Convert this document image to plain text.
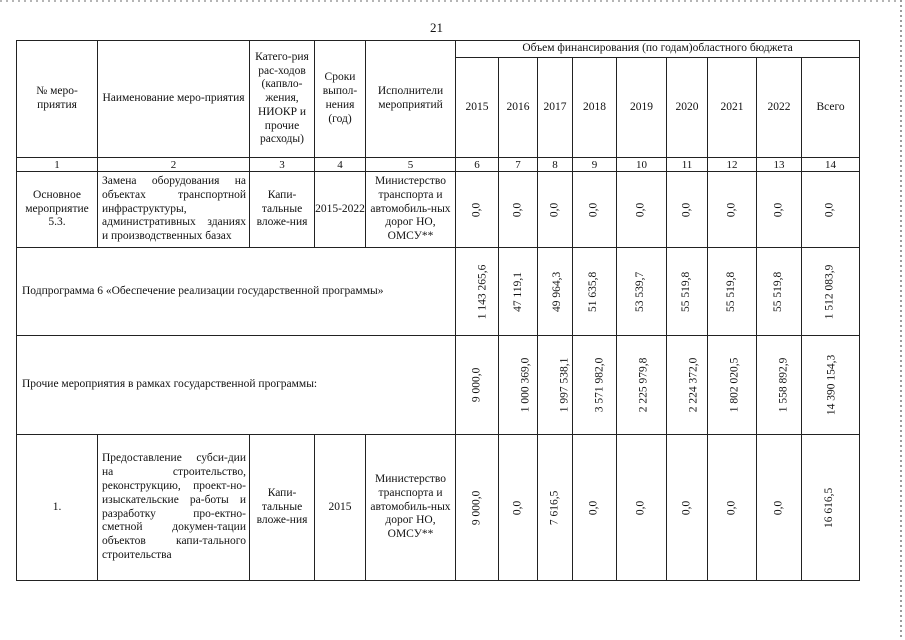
21
№ меро-приятия	Наименование меро-приятия	Катего-рия рас-ходов (капвло-жения, НИОКР и прочие расходы)	Сроки выпол-нения (год)	Исполнители мероприятий	Объем финансирования (по годам)областного бюджета								
					2015	2016	2017	2018	2019	2020	2021	2022	Всего
1	2	3	4	5	6	7	8	9	10	11	12	13	14
Основное мероприятие 5.3.	Замена оборудования на объектах транспортной инфраструктуры, административных зданиях и производственных базах	Капи-тальные вложе-ния	2015-2022	Министерство транспорта и автомобиль-ных дорог НО, ОМСУ**	0,0	0,0	0,0	0,0	0,0	0,0	0,0	0,0	0,0
Подпрограмма 6 «Обеспечение реализации государственной программы»					1 143 265,6	47 119,1	49 964,3	51 635,8	53 539,7	55 519,8	55 519,8	55 519,8	1 512 083,9
Прочие мероприятия в рамках государственной программы:					9 000,0	1 000 369,0	1 997 538,1	3 571 982,0	2 225 979,8	2 224 372,0	1 802 020,5	1 558 892,9	14 390 154,3
1.	Предоставление субси-дии на строительство, реконструкцию, проект-но-изыскательские ра-боты и разработку про-ектно-сметной докумен-тации объектов капи-тального строительства	Капи-тальные вложе-ния	2015	Министерство транспорта и автомобиль-ных дорог НО, ОМСУ**	9 000,0	0,0	7 616,5	0,0	0,0	0,0	0,0	0,0	16 616,5
